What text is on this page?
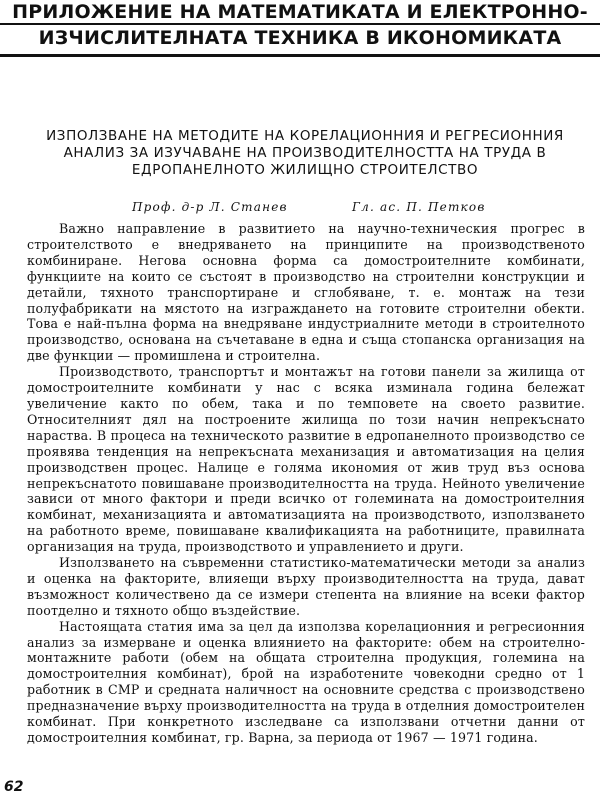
ПРИЛОЖЕНИЕ НА МАТЕМАТИКАТА И ЕЛЕКТРОННО-
ИЗЧИСЛИТЕЛНАТА ТЕХНИКА В ИКОНОМИКАТА
ИЗПОЛЗВАНЕ НА МЕТОДИТЕ НА КОРЕЛАЦИОННИЯ И РЕГРЕСИОННИЯ АНАЛИЗ ЗА ИЗУЧАВАНЕ НА ПРОИЗВОДИТЕЛНОСТТА НА ТРУДА В ЕДРОПАНЕЛНОТО ЖИЛИЩНО СТРОИТЕЛСТВО
Проф. д-р Л. Станев	Гл. ас. П. Петков

Важно направление в развитието на научно-техническия прогрес в строителството е внедряването на принципите на производственото комбиниране. Негова основна форма са домостроителните комбинати, функциите на които се състоят в производство на строителни конструкции и детайли, тяхното транспортиране и сглобяване, т. е. монтаж на тези полуфабрикати на мястото на изграждането на готовите строителни обекти. Това е най-пълна форма на внедряване индустриалните методи в строителното производство, основана на съчетаване в една и съща стопанска организация на две функции — промишлена и строителна.

Производството, транспортът и монтажът на готови панели за жилища от домостроителните комбинати у нас с всяка изминала година бележат увеличение както по обем, така и по темповете на своето развитие. Относителният дял на построените жилища по този начин непрекъснато нараства. В процеса на техническото развитие в едропанелното производство се проявява тенденция на непрекъсната механизация и автоматизация на целия производствен процес. Налице е голяма икономия от жив труд въз основа непрекъснатото повишаване производителността на труда. Нейното увеличение зависи от много фактори и преди всичко от големината на домостроителния комбинат, механизацията и автоматизацията на производството, използването на работното време, повишаване квалификацията на работниците, правилната организация на труда, производството и управлението и други.

Използването на съвременни статистико-математически методи за анализ и оценка на факторите, влияещи върху производителността на труда, дават възможност количествено да се измери степента на влияние на всеки фактор поотделно и тяхното общо въздействие.

Настоящата статия има за цел да използва корелационния и регресионния анализ за измерване и оценка влиянието на факторите: обем на строително-монтажните работи (обем на общата строителна продукция, големина на домостроителния комбинат), брой на изработените човекодни средно от 1 работник в СМР и средната наличност на основните средства с производствено предназначение върху производителността на труда в отделния домостроителен комбинат. При конкретното изследване са използвани отчетни данни от домостроителния комбинат, гр. Варна, за периода от 1967 — 1971 година.

62
